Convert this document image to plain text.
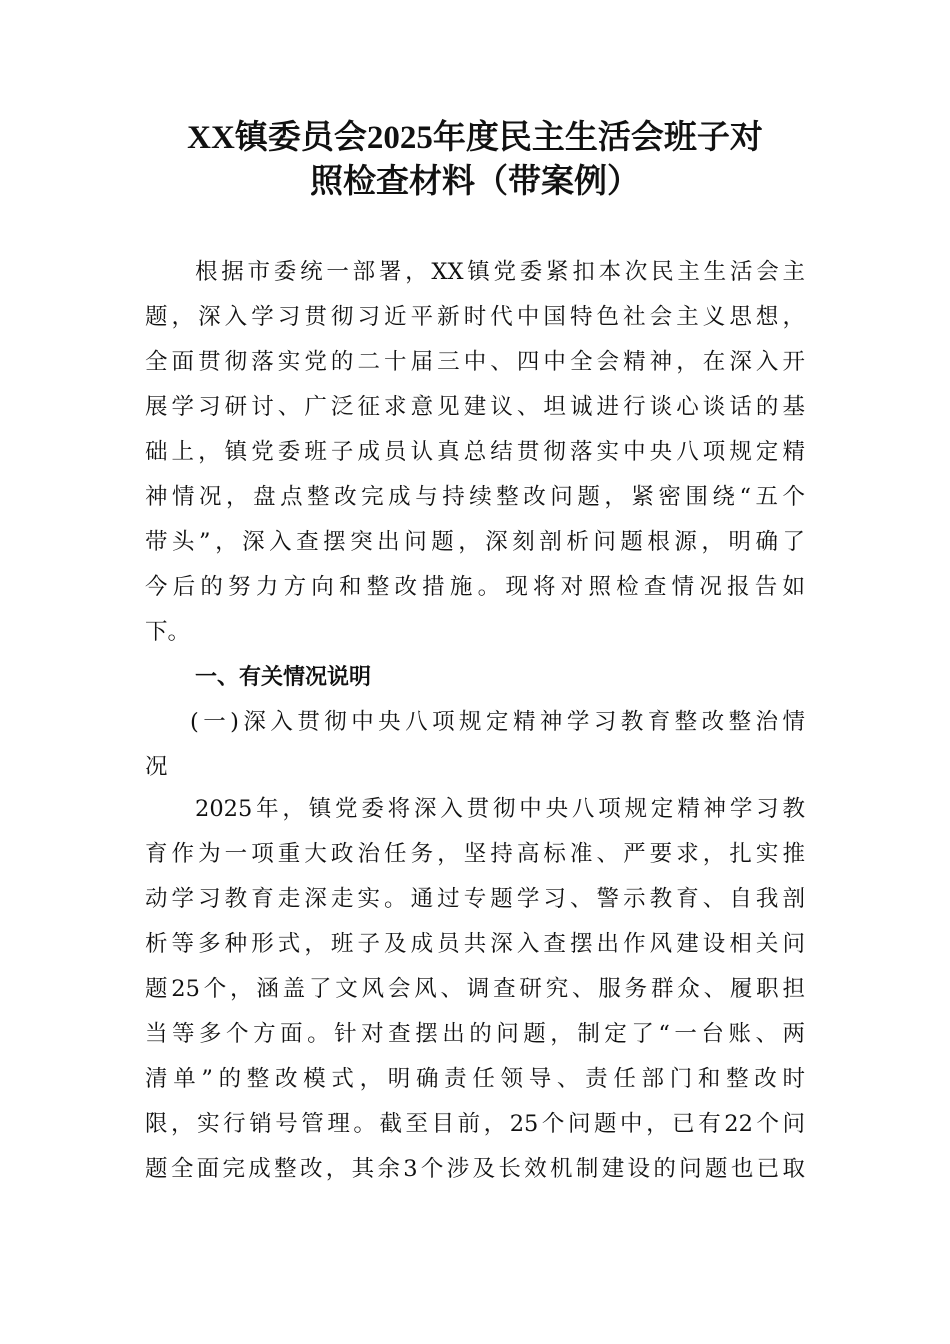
XX镇委员会2025年度民主生活会班子对
照检查材料（带案例）
根据市委统一部署，XX镇党委紧扣本次民主生活会主
题，深入学习贯彻习近平新时代中国特色社会主义思想，
全面贯彻落实党的二十届三中、四中全会精神，在深入开
展学习研讨、广泛征求意见建议、坦诚进行谈心谈话的基
础上，镇党委班子成员认真总结贯彻落实中央八项规定精
神情况，盘点整改完成与持续整改问题，紧密围绕“五个
带头”，深入查摆突出问题，深刻剖析问题根源，明确了
今后的努力方向和整改措施。现将对照检查情况报告如
下。
一、有关情况说明
(一)深入贯彻中央八项规定精神学习教育整改整治情
况
2025年，镇党委将深入贯彻中央八项规定精神学习教
育作为一项重大政治任务，坚持高标准、严要求，扎实推
动学习教育走深走实。通过专题学习、警示教育、自我剖
析等多种形式，班子及成员共深入查摆出作风建设相关问
题25个，涵盖了文风会风、调查研究、服务群众、履职担
当等多个方面。针对查摆出的问题，制定了“一台账、两
清单”的整改模式，明确责任领导、责任部门和整改时
限，实行销号管理。截至目前，25个问题中，已有22个问
题全面完成整改，其余3个涉及长效机制建设的问题也已取
